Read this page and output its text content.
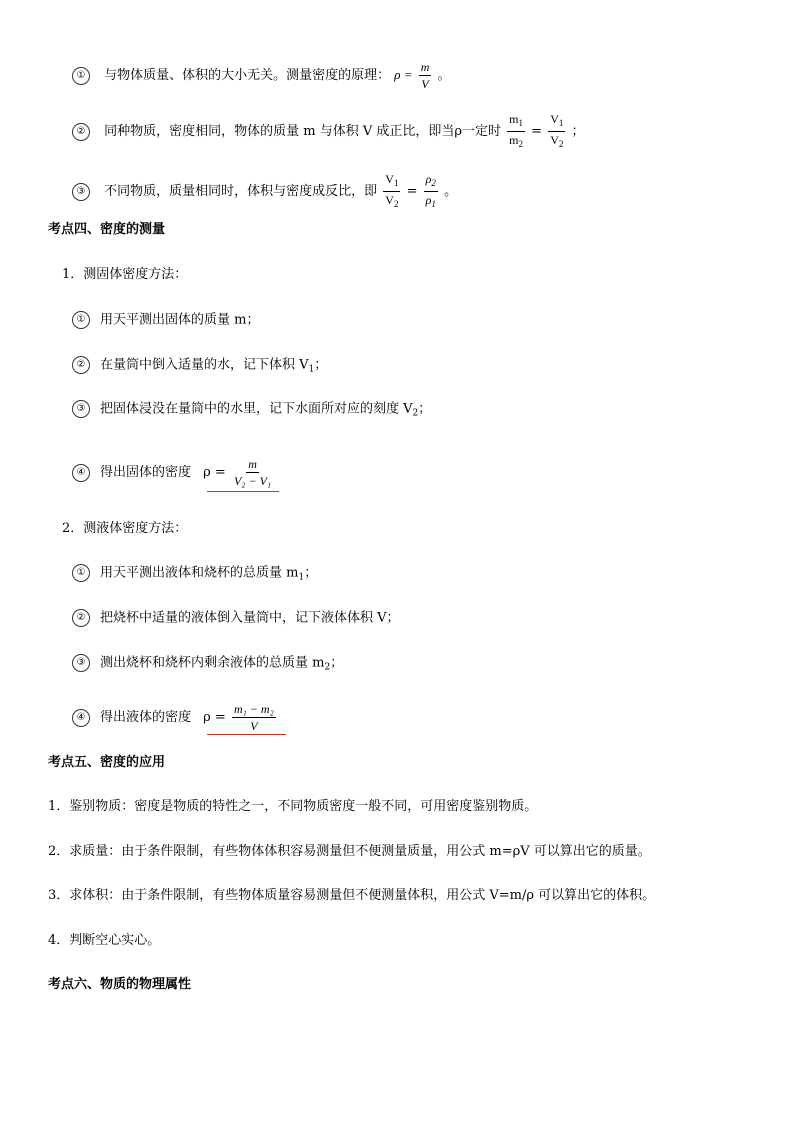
① 与物体质量、体积的大小无关。测量密度的原理： $\rho = \frac{m}{V}$ 。
② 同种物质，密度相同，物体的质量 m 与体积 V 成正比，即当ρ一定时 $\frac{m_1}{m_2} = \frac{V_1}{V_2}$ ；
③ 不同物质，质量相同时，体积与密度成反比，即 $\frac{V_1}{V_2} = \frac{\rho_2}{\rho_1}$ 。
考点四、密度的测量
1．测固体密度方法：
① 用天平测出固体的质量 m；
② 在量筒中倒入适量的水，记下体积 $V_1$；
③ 把固体浸没在量筒中的水里，记下水面所对应的刻度 $V_2$；
④ 得出固体的密度 $\rho = \frac{m}{\text{V₂ − V₁}}$
2．测液体密度方法：
① 用天平测出液体和烧杯的总质量 $m_1$；
② 把烧杯中适量的液体倒入量筒中，记下液体体积 V；
③ 测出烧杯和烧杯内剩余液体的总质量 $m_2$；
④ 得出液体的密度 $\rho = \frac{\text{m₁ − m₂}}{V}$
考点五、密度的应用
1．鉴别物质：密度是物质的特性之一，不同物质密度一般不同，可用密度鉴别物质。
2．求质量：由于条件限制，有些物体体积容易测量但不便测量质量，用公式 m=ρV 可以算出它的质量。
3．求体积：由于条件限制，有些物体质量容易测量但不便测量体积，用公式 V=m/ρ 可以算出它的体积。
4．判断空心实心。
考点六、物质的物理属性
